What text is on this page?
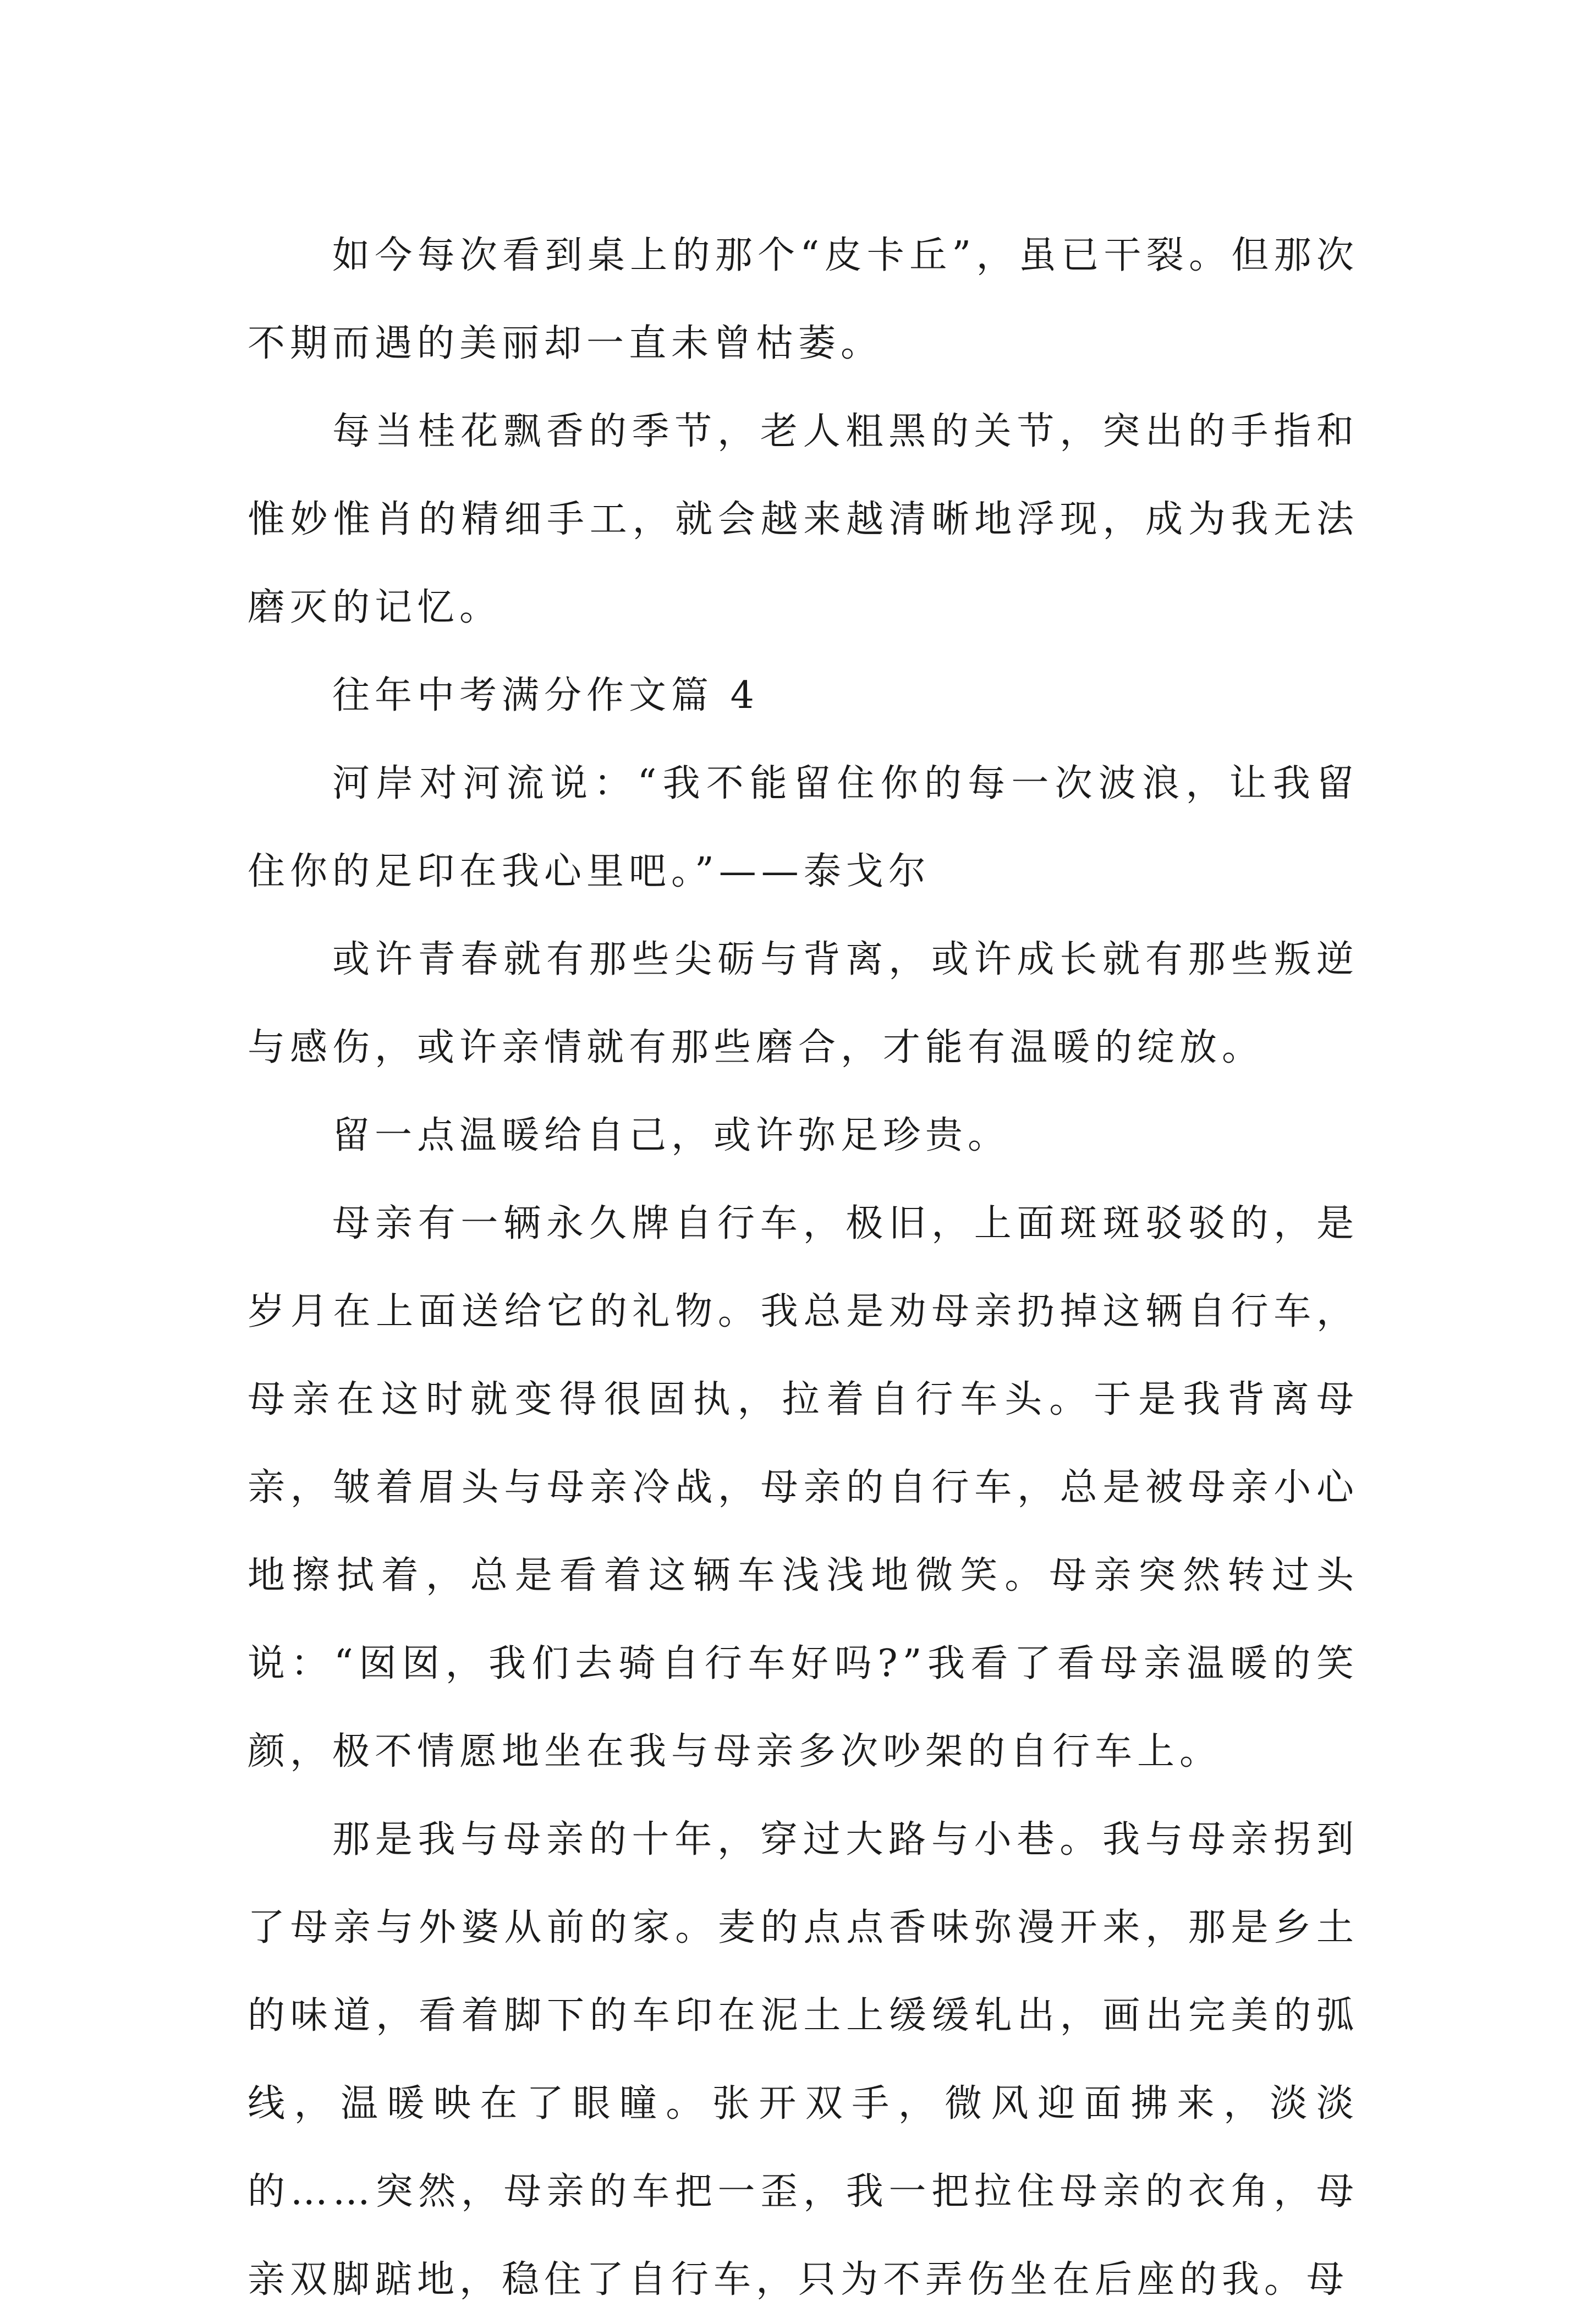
如今每次看到桌上的那个“皮卡丘”，虽已干裂。但那次不期而遇的美丽却一直未曾枯萎。

每当桂花飘香的季节，老人粗黑的关节，突出的手指和惟妙惟肖的精细手工，就会越来越清晰地浮现，成为我无法磨灭的记忆。

往年中考满分作文篇 4

河岸对河流说：“我不能留住你的每一次波浪，让我留住你的足印在我心里吧。”——泰戈尔

或许青春就有那些尖砺与背离，或许成长就有那些叛逆与感伤，或许亲情就有那些磨合，才能有温暖的绽放。

留一点温暖给自己，或许弥足珍贵。

母亲有一辆永久牌自行车，极旧，上面斑斑驳驳的，是岁月在上面送给它的礼物。我总是劝母亲扔掉这辆自行车，母亲在这时就变得很固执，拉着自行车头。于是我背离母亲，皱着眉头与母亲冷战，母亲的自行车，总是被母亲小心地擦拭着，总是看着这辆车浅浅地微笑。母亲突然转过头说：“囡囡，我们去骑自行车好吗?”我看了看母亲温暖的笑颜，极不情愿地坐在我与母亲多次吵架的自行车上。

那是我与母亲的十年，穿过大路与小巷。我与母亲拐到了母亲与外婆从前的家。麦的点点香味弥漫开来，那是乡土的味道，看着脚下的车印在泥土上缓缓轧出，画出完美的弧线，温暖映在了眼瞳。张开双手，微风迎面拂来，淡淡的……突然，母亲的车把一歪，我一把拉住母亲的衣角，母亲双脚踮地，稳住了自行车，只为不弄伤坐在后座的我。母
